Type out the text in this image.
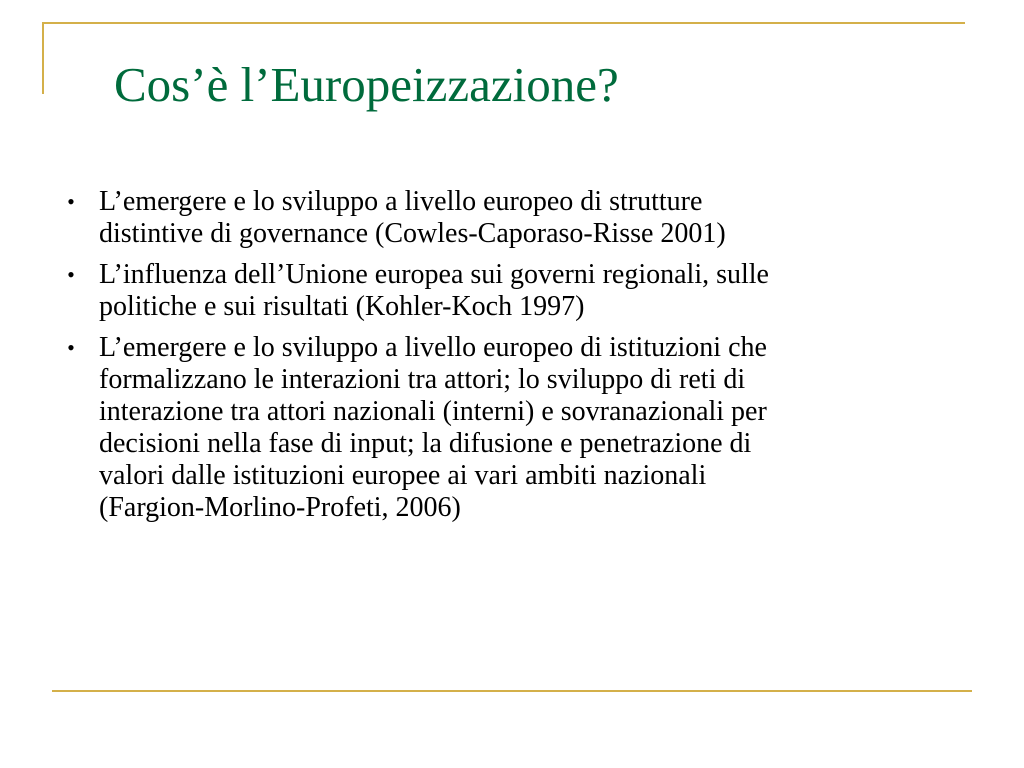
Cos’è l’Europeizzazione?
• L’emergere e lo sviluppo a livello europeo di strutture
distintive di governance (Cowles-Caporaso-Risse 2001)
• L’influenza dell’Unione europea sui governi regionali, sulle
politiche e sui risultati (Kohler-Koch 1997)
• L’emergere e lo sviluppo a livello europeo di istituzioni che
formalizzano le interazioni tra attori; lo sviluppo di reti di
interazione tra attori nazionali (interni) e sovranazionali per
decisioni nella fase di input; la difusione e penetrazione di
valori dalle istituzioni europee ai vari ambiti nazionali
(Fargion-Morlino-Profeti, 2006)
